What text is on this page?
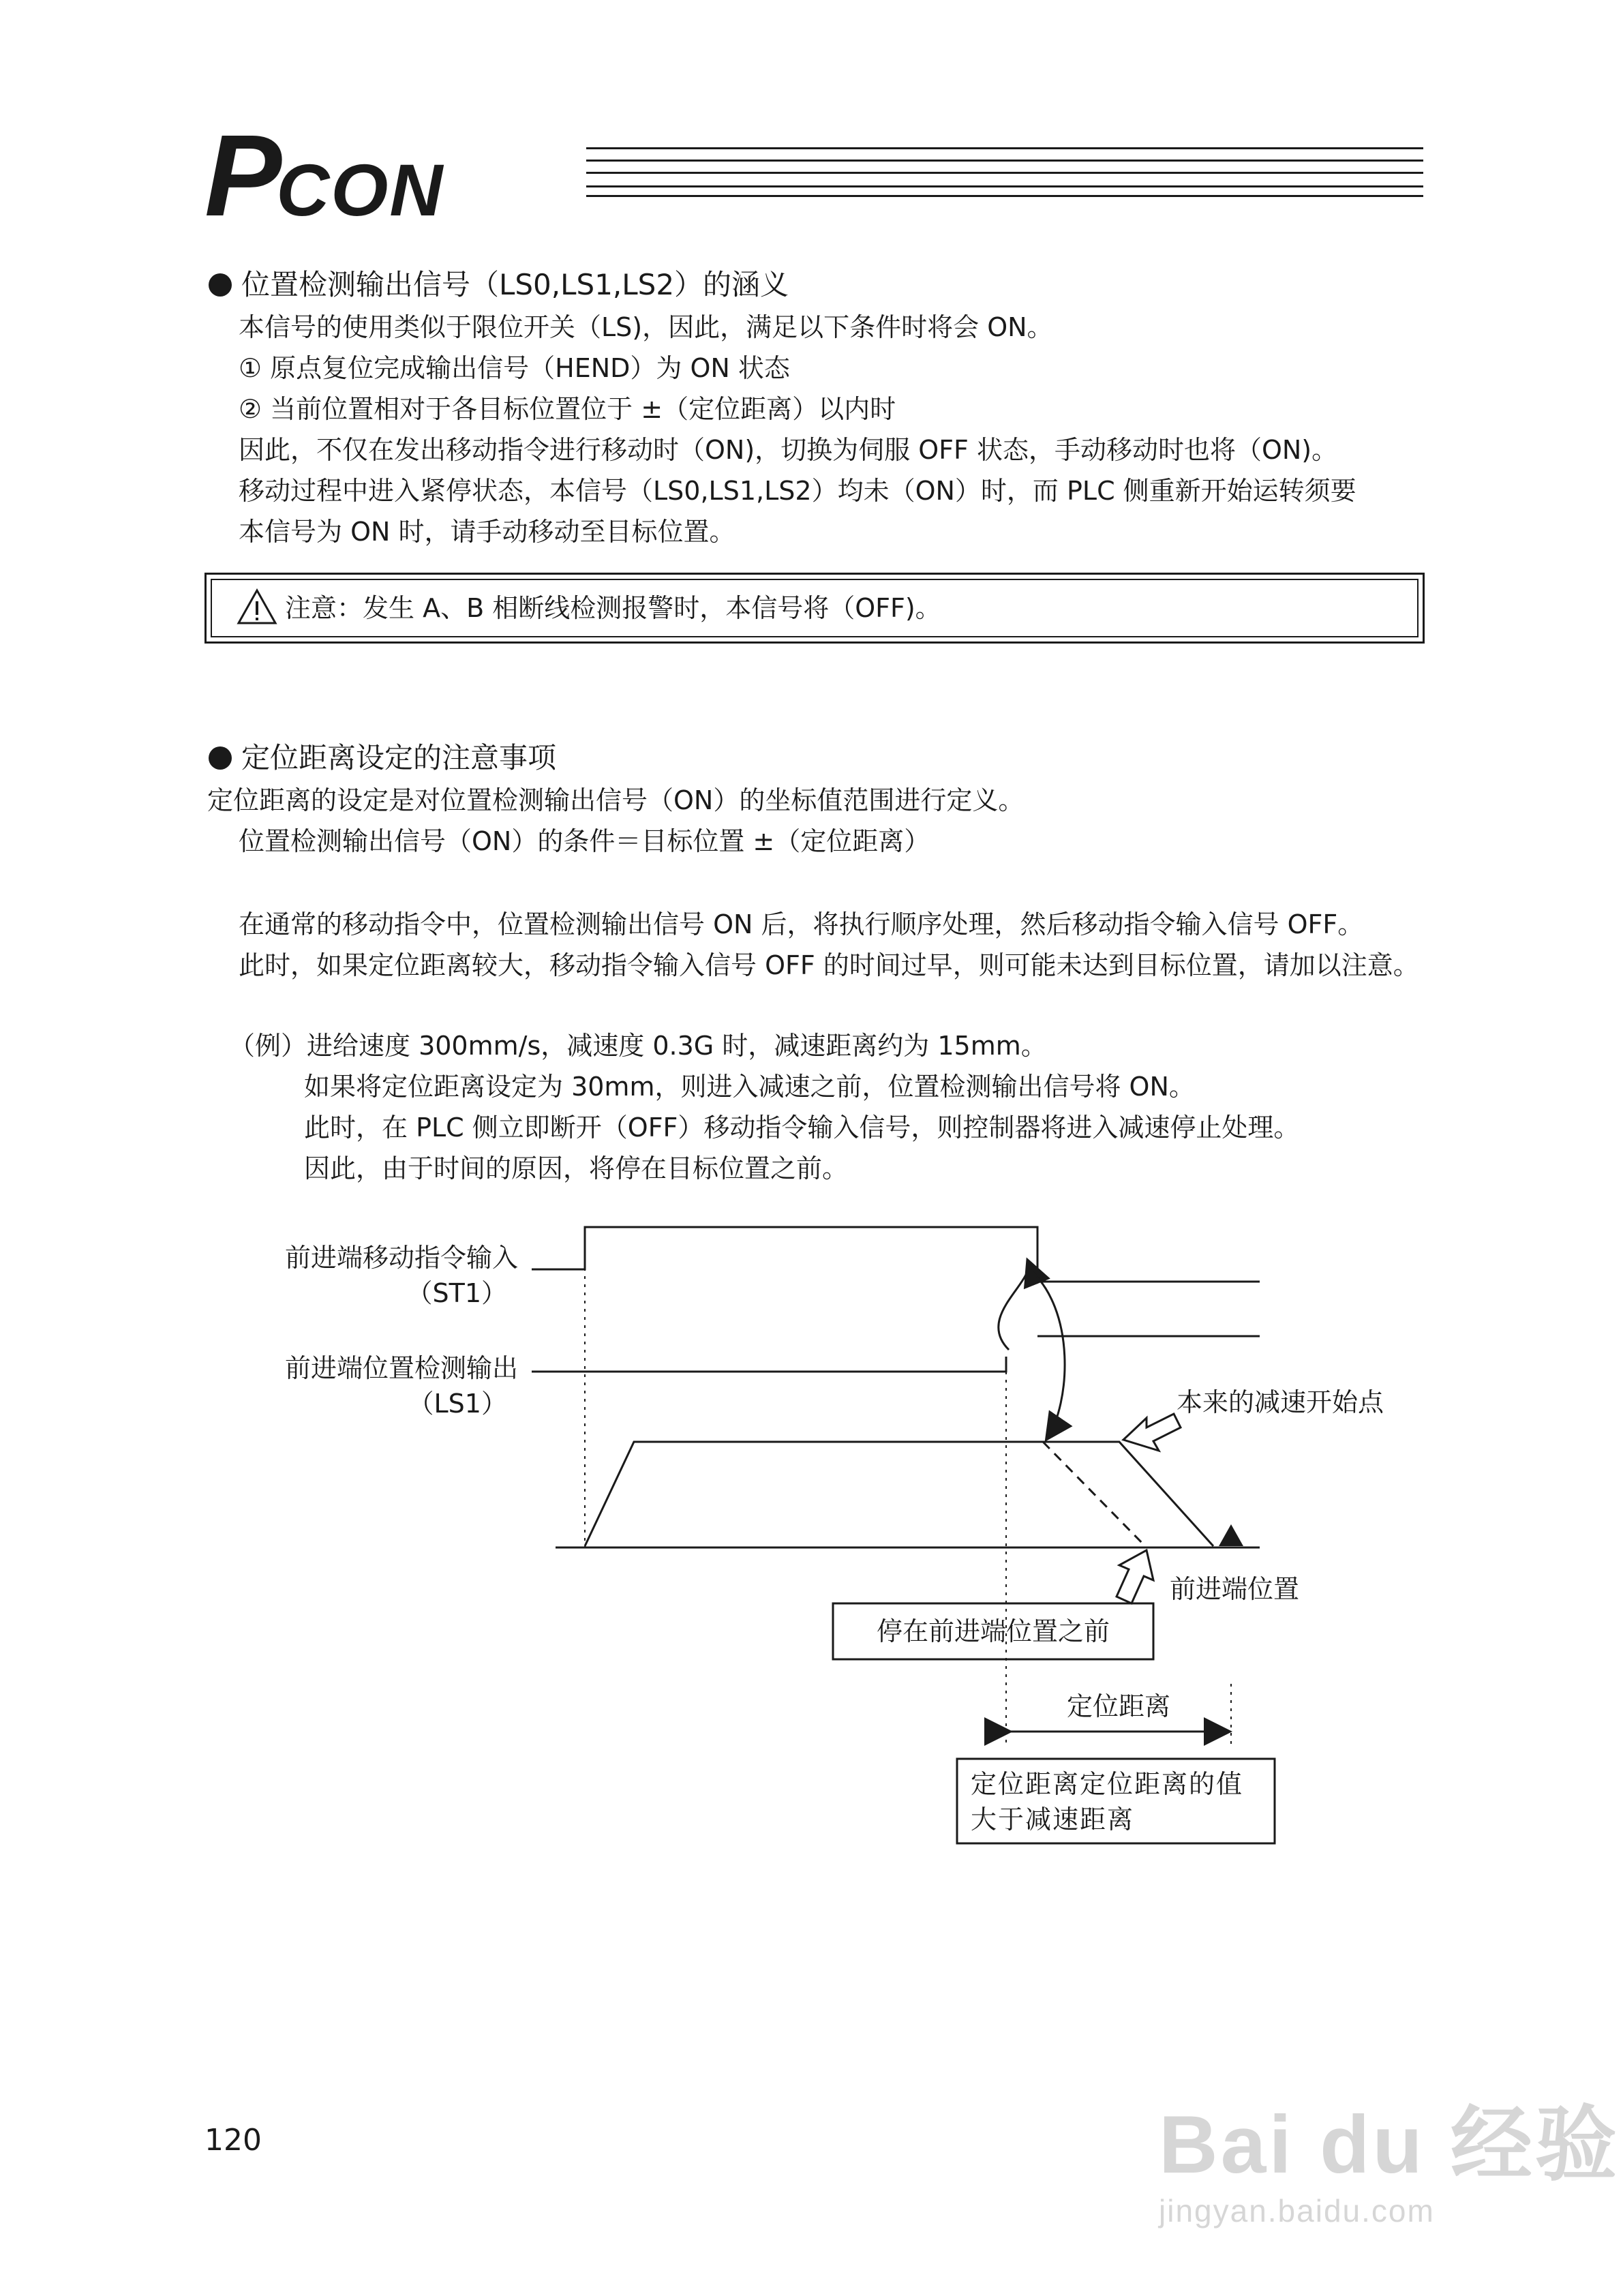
PCON
位置检测输出信号（LS0,LS1,LS2）的涵义
本信号的使用类似于限位开关（LS)，因此，满足以下条件时将会 ON。
① 原点复位完成输出信号（HEND）为 ON 状态
② 当前位置相对于各目标位置位于 ±（定位距离）以内时
因此，不仅在发出移动指令进行移动时（ON)，切换为伺服 OFF 状态，手动移动时也将（ON)。
移动过程中进入紧停状态，本信号（LS0,LS1,LS2）均未（ON）时，而 PLC 侧重新开始运转须要
本信号为 ON 时，请手动移动至目标位置。
注意：发生 A、B 相断线检测报警时，本信号将（OFF)。
定位距离设定的注意事项
定位距离的设定是对位置检测输出信号（ON）的坐标值范围进行定义。
位置检测输出信号（ON）的条件＝目标位置 ±（定位距离）
在通常的移动指令中，位置检测输出信号 ON 后，将执行顺序处理，然后移动指令输入信号 OFF。
此时，如果定位距离较大，移动指令输入信号 OFF 的时间过早，则可能未达到目标位置，请加以注意。
（例）进给速度 300mm/s，减速度 0.3G 时，减速距离约为 15mm。
如果将定位距离设定为 30mm，则进入减速之前，位置检测输出信号将 ON。
此时，在 PLC 侧立即断开（OFF）移动指令输入信号，则控制器将进入减速停止处理。
因此，由于时间的原因，将停在目标位置之前。
前进端移动指令输入
（ST1）
前进端位置检测输出
（LS1）	本来的减速开始点
前进端位置
停在前进端位置之前
定位距离
定位距离定位距离的值
大于减速距离
120	Bai du 经验
jingyan.baidu.com
